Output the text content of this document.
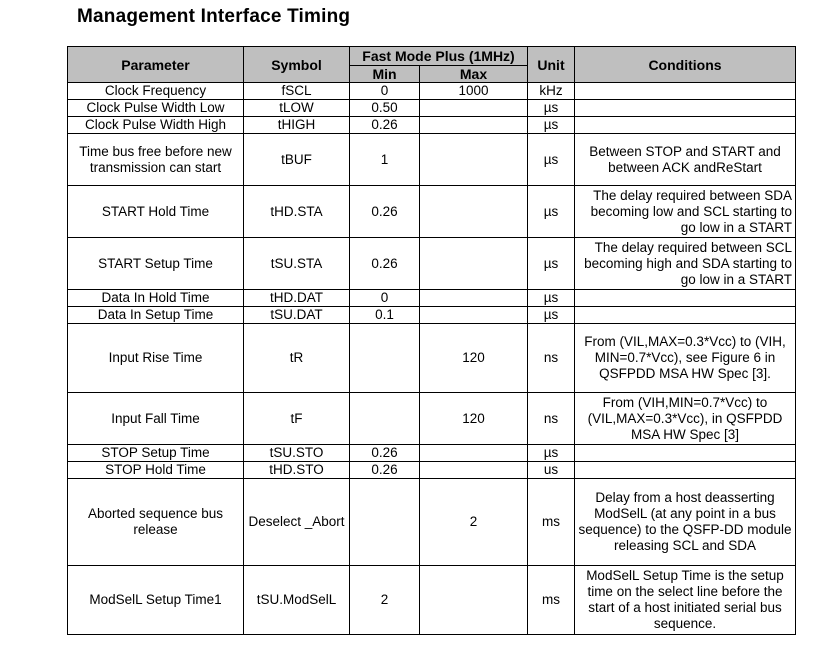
Management Interface Timing
Parameter	Symbol	Fast Mode Plus (1MHz)		Unit	Conditions
		Min	Max		
Clock Frequency	fSCL	0	1000	kHz	
Clock Pulse Width Low	tLOW	0.50		µs	
Clock Pulse Width High	tHIGH	0.26		µs	
Time bus free before new transmission can start	tBUF	1		µs	Between STOP and START and between ACK andReStart
START Hold Time	tHD.STA	0.26		µs	The delay required between SDA becoming low and SCL starting to go low in a START
START Setup Time	tSU.STA	0.26		µs	The delay required between SCL becoming high and SDA starting to go low in a START
Data In Hold Time	tHD.DAT	0		µs	
Data In Setup Time	tSU.DAT	0.1		µs	
Input Rise Time	tR		120	ns	From (VIL,MAX=0.3*Vcc) to (VIH, MIN=0.7*Vcc), see Figure 6 in QSFPDD MSA HW Spec [3].
Input Fall Time	tF		120	ns	From (VIH,MIN=0.7*Vcc) to (VIL,MAX=0.3*Vcc), in QSFPDD MSA HW Spec [3]
STOP Setup Time	tSU.STO	0.26		µs	
STOP Hold Time	tHD.STO	0.26		us	
Aborted sequence bus release	Deselect _Abort		2	ms	Delay from a host deasserting ModSelL (at any point in a bus sequence) to the QSFP-DD module releasing SCL and SDA
ModSelL Setup Time1	tSU.ModSelL	2		ms	ModSelL Setup Time is the setup time on the select line before the start of a host initiated serial bus sequence.
